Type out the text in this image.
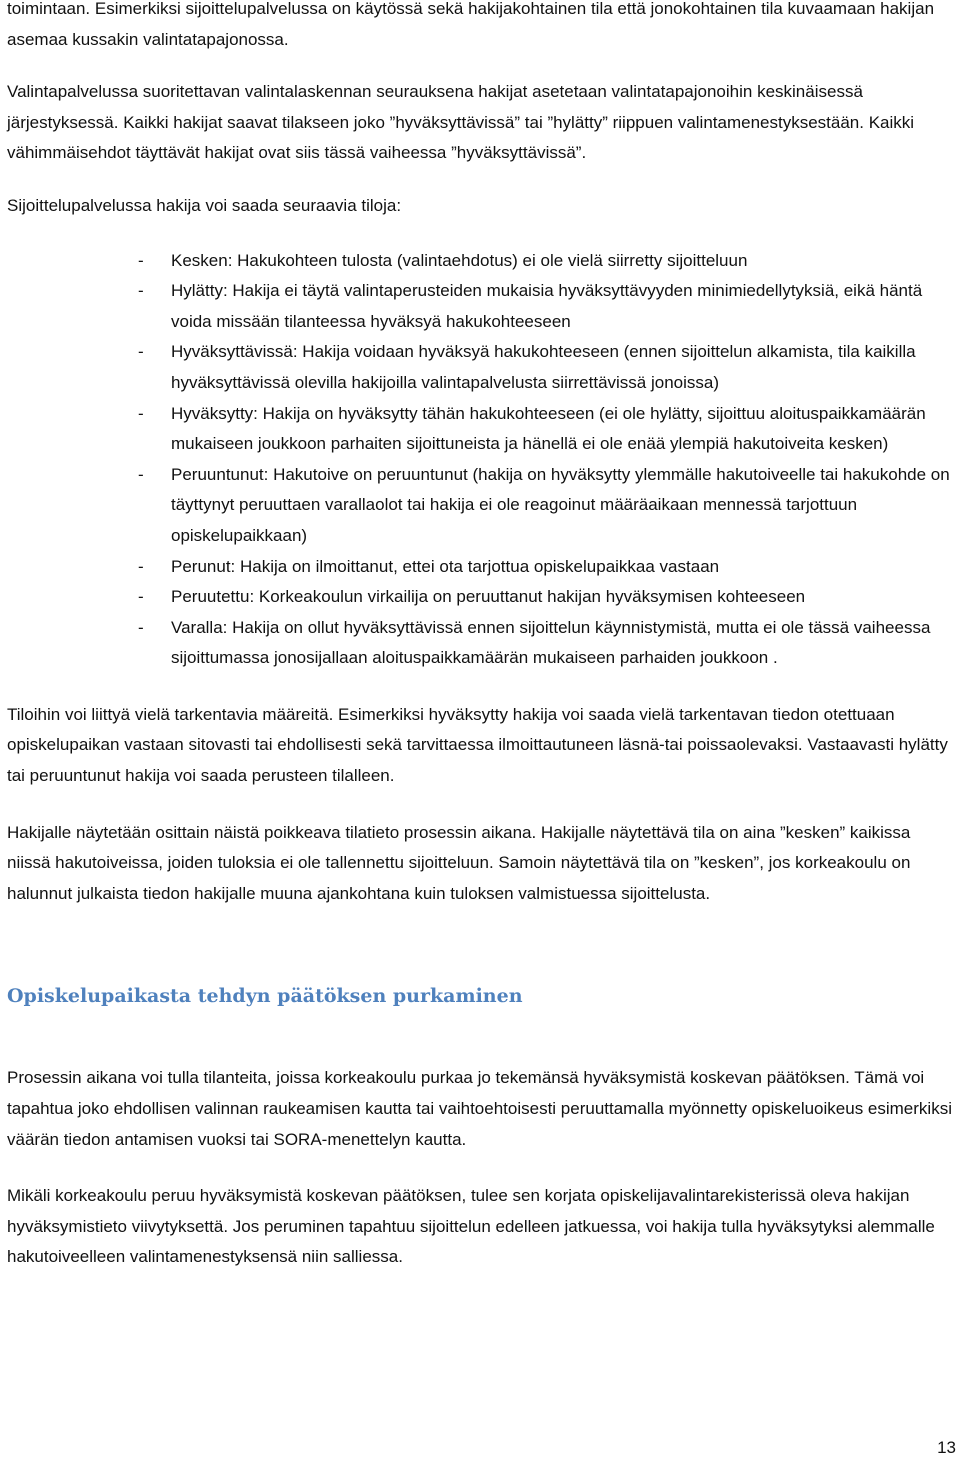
toimintaan. Esimerkiksi sijoittelupalvelussa on käytössä sekä hakijakohtainen tila että jonokohtainen tila kuvaamaan hakijan asemaa kussakin valintatapajonossa.

Valintapalvelussa suoritettavan valintalaskennan seurauksena hakijat asetetaan valintatapajonoihin keskinäisessä järjestyksessä. Kaikki hakijat saavat tilakseen joko ”hyväksyttävissä” tai ”hylätty” riippuen valintamenestyksestään. Kaikki vähimmäisehdot täyttävät hakijat ovat siis tässä vaiheessa ”hyväksyttävissä”.

Sijoittelupalvelussa hakija voi saada seuraavia tiloja:

- Kesken: Hakukohteen tulosta (valintaehdotus) ei ole vielä siirretty sijoitteluun
- Hylätty: Hakija ei täytä valintaperusteiden mukaisia hyväksyttävyyden minimiedellytyksiä, eikä häntä voida missään tilanteessa hyväksyä hakukohteeseen
- Hyväksyttävissä: Hakija voidaan hyväksyä hakukohteeseen (ennen sijoittelun alkamista, tila kaikilla hyväksyttävissä olevilla hakijoilla valintapalvelusta siirrettävissä jonoissa)
- Hyväksytty: Hakija on hyväksytty tähän hakukohteeseen (ei ole hylätty, sijoittuu aloituspaikkamäärän mukaiseen joukkoon parhaiten sijoittuneista ja hänellä ei ole enää ylempiä hakutoiveita kesken)
- Peruuntunut: Hakutoive on peruuntunut (hakija on hyväksytty ylemmälle hakutoiveelle tai hakukohde on täyttynyt peruuttaen varallaolot tai hakija ei ole reagoinut määräaikaan mennessä tarjottuun opiskelupaikkaan)
- Perunut: Hakija on ilmoittanut, ettei ota tarjottua opiskelupaikkaa vastaan
- Peruutettu: Korkeakoulun virkailija on peruuttanut hakijan hyväksymisen kohteeseen
- Varalla: Hakija on ollut hyväksyttävissä ennen sijoittelun käynnistymistä, mutta ei ole tässä vaiheessa sijoittumassa jonosijallaan aloituspaikkamäärän mukaiseen parhaiden joukkoon .

Tiloihin voi liittyä vielä tarkentavia määreitä. Esimerkiksi hyväksytty hakija voi saada vielä tarkentavan tiedon otettuaan opiskelupaikan vastaan sitovasti tai ehdollisesti sekä tarvittaessa ilmoittautuneen läsnä-tai poissaolevaksi. Vastaavasti hylätty tai peruuntunut hakija voi saada perusteen tilalleen.

Hakijalle näytetään osittain näistä poikkeava tilatieto prosessin aikana. Hakijalle näytettävä tila on aina ”kesken” kaikissa niissä hakutoiveissa, joiden tuloksia ei ole tallennettu sijoitteluun. Samoin näytettävä tila on ”kesken”, jos korkeakoulu on halunnut julkaista tiedon hakijalle muuna ajankohtana kuin tuloksen valmistuessa sijoittelusta.

Opiskelupaikasta tehdyn päätöksen purkaminen

Prosessin aikana voi tulla tilanteita, joissa korkeakoulu purkaa jo tekemänsä hyväksymistä koskevan päätöksen. Tämä voi tapahtua joko ehdollisen valinnan raukeamisen kautta tai vaihtoehtoisesti peruuttamalla myönnetty opiskeluoikeus esimerkiksi väärän tiedon antamisen vuoksi tai SORA-menettelyn kautta.

Mikäli korkeakoulu peruu hyväksymistä koskevan päätöksen, tulee sen korjata opiskelijavalintarekisterissä oleva hakijan hyväksymistieto viivytyksettä. Jos peruminen tapahtuu sijoittelun edelleen jatkuessa, voi hakija tulla hyväksytyksi alemmalle hakutoiveelleen valintamenestyksensä niin salliessa.

13
